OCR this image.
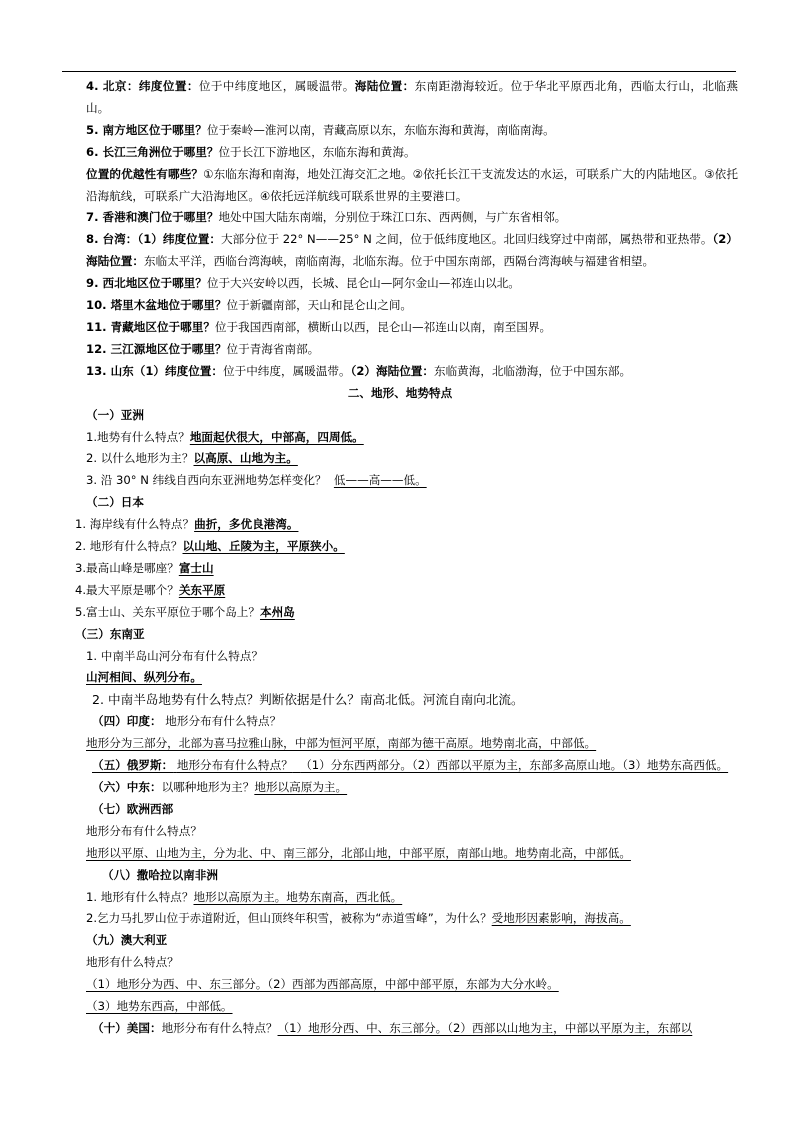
4. 北京：纬度位置：位于中纬度地区，属暖温带。海陆位置：东南距渤海较近。位于华北平原西北角，西临太行山，北临燕山。

5. 南方地区位于哪里？位于秦岭—淮河以南，青藏高原以东，东临东海和黄海，南临南海。

6. 长江三角洲位于哪里？位于长江下游地区，东临东海和黄海。

位置的优越性有哪些？①东临东海和南海，地处江海交汇之地。②依托长江干支流发达的水运，可联系广大的内陆地区。③依托沿海航线，可联系广大沿海地区。④依托远洋航线可联系世界的主要港口。

7. 香港和澳门位于哪里？地处中国大陆东南端，分别位于珠江口东、西两侧，与广东省相邻。

8. 台湾：（1）纬度位置：大部分位于 22° N——25° N 之间，位于低纬度地区。北回归线穿过中南部，属热带和亚热带。（2）海陆位置：东临太平洋，西临台湾海峡，南临南海，北临东海。位于中国东南部，西隔台湾海峡与福建省相望。

9. 西北地区位于哪里？位于大兴安岭以西，长城、昆仑山—阿尔金山—祁连山以北。

10. 塔里木盆地位于哪里？位于新疆南部，天山和昆仑山之间。

11. 青藏地区位于哪里？位于我国西南部，横断山以西，昆仑山—祁连山以南，南至国界。

12. 三江源地区位于哪里？位于青海省南部。

13. 山东（1）纬度位置：位于中纬度，属暖温带。（2）海陆位置：东临黄海，北临渤海，位于中国东部。

二、地形、地势特点

（一）亚洲

1.地势有什么特点？地面起伏很大，中部高，四周低。

2. 以什么地形为主？以高原、山地为主。

3. 沿 30° N 纬线自西向东亚洲地势怎样变化？ 低——高——低。

（二）日本

1. 海岸线有什么特点？曲折，多优良港湾。

2. 地形有什么特点？以山地、丘陵为主，平原狭小。

3.最高山峰是哪座？富士山

4.最大平原是哪个？关东平原

5.富士山、关东平原位于哪个岛上？本州岛

（三）东南亚

1. 中南半岛山河分布有什么特点？

山河相间、纵列分布。

2. 中南半岛地势有什么特点？判断依据是什么？南高北低。河流自南向北流。

（四）印度： 地形分布有什么特点？

地形分为三部分，北部为喜马拉雅山脉，中部为恒河平原，南部为德干高原。地势南北高，中部低。

（五）俄罗斯： 地形分布有什么特点？ （1）分东西两部分。（2）西部以平原为主，东部多高原山地。（3）地势东高西低。

（六）中东：以哪种地形为主？地形以高原为主。

（七）欧洲西部

地形分布有什么特点？

地形以平原、山地为主，分为北、中、南三部分，北部山地，中部平原，南部山地。地势南北高，中部低。

（八）撒哈拉以南非洲

1. 地形有什么特点？地形以高原为主。地势东南高，西北低。

2.乞力马扎罗山位于赤道附近，但山顶终年积雪，被称为“赤道雪峰”，为什么？受地形因素影响，海拔高。

（九）澳大利亚

地形有什么特点？

（1）地形分为西、中、东三部分。（2）西部为西部高原，中部中部平原，东部为大分水岭。

（3）地势东西高，中部低。

（十）美国：地形分布有什么特点？（1）地形分西、中、东三部分。（2）西部以山地为主，中部以平原为主，东部以
